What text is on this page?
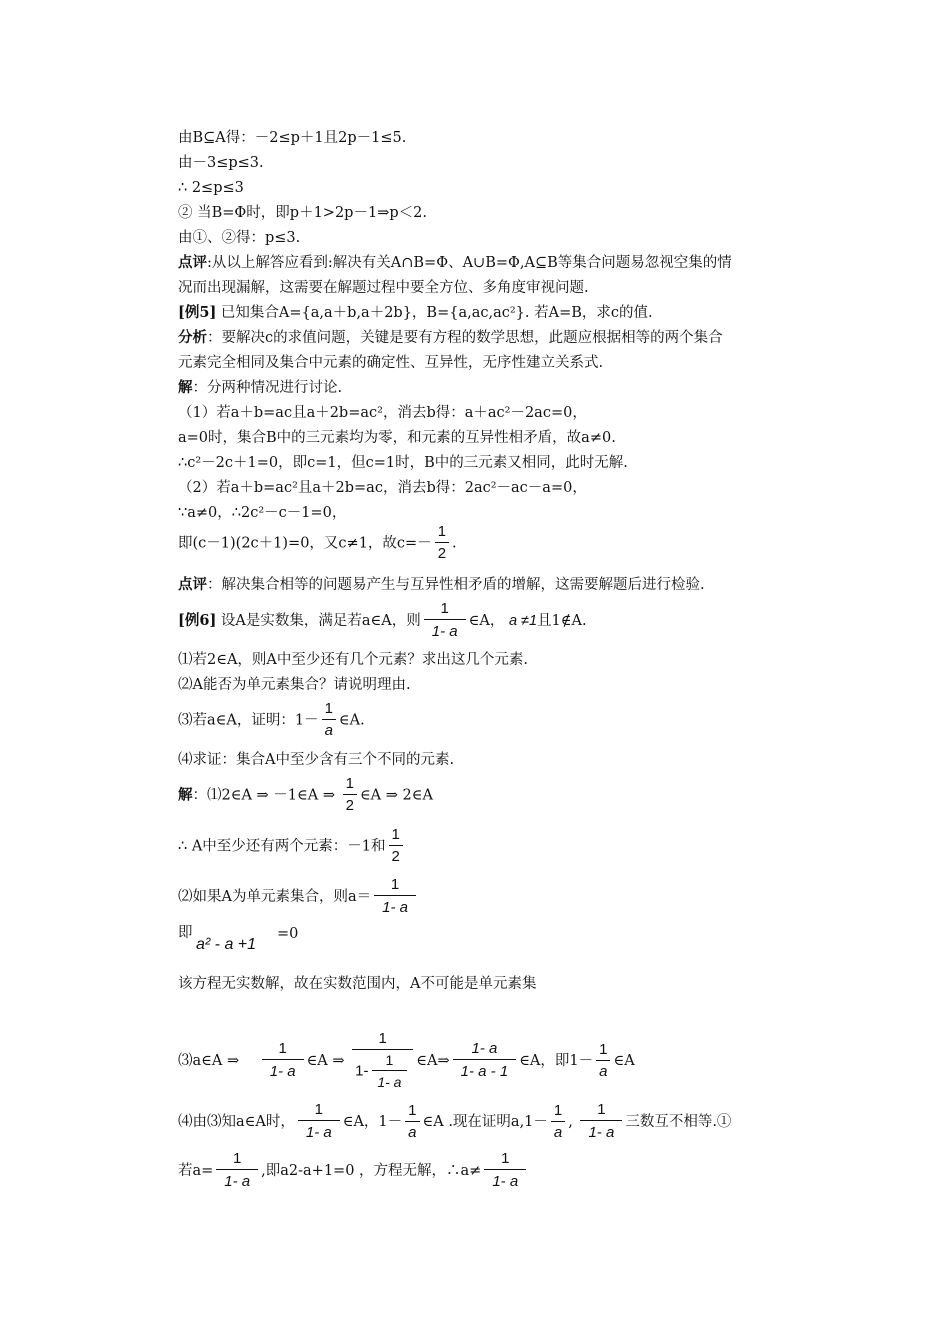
由B⊆A得：－2≤p＋1且2p－1≤5.
由－3≤p≤3.
∴ 2≤p≤3
② 当B=Φ时，即p＋1>2p－1⇒p＜2.
由①、②得：p≤3.
点评:从以上解答应看到:解决有关A∩B=Φ、A∪B=Φ,A⊆B等集合问题易忽视空集的情
况而出现漏解，这需要在解题过程中要全方位、多角度审视问题.
[例5] 已知集合A={a,a＋b,a＋2b}，B={a,ac,ac²}. 若A=B，求c的值.
分析：要解决c的求值问题，关键是要有方程的数学思想，此题应根据相等的两个集合
元素完全相同及集合中元素的确定性、互异性，无序性建立关系式.
解：分两种情况进行讨论.
（1）若a＋b=ac且a＋2b=ac²，消去b得：a＋ac²－2ac=0，
a=0时，集合B中的三元素均为零，和元素的互异性相矛盾，故a≠0.
∴c²－2c＋1=0，即c=1，但c=1时，B中的三元素又相同，此时无解.
（2）若a＋b=ac²且a＋2b=ac，消去b得：2ac²－ac－a=0，
∵a≠0，∴2c²－c－1=0，
即(c－1)(2c＋1)=0，又c≠1，故$c=- \frac{1}{2}$ .
点评：解决集合相等的问题易产生与互异性相矛盾的增解，这需要解题后进行检验.
[例6] 设A是实数集，满足若a∈A，则 $\frac{1}{1- a}$ ∈A， a ≠1且1∉A.
⑴若2∈A，则A中至少还有几个元素？求出这几个元素.
⑵A能否为单元素集合？请说明理由.
⑶若a∈A，证明：$1- \frac{1}{a}$ ∈A.
⑷求证：集合A中至少含有三个不同的元素.
解：⑴2∈A ⇒ －1∈A ⇒ $\frac{1}{2}$ ∈A ⇒ 2∈A
∴ A中至少还有两个元素：－1和 $\frac{1}{2}$
⑵如果A为单元素集合，则$a= \frac{1}{1- a}$
即
a² - a +1
=0
该方程无实数解，故在实数范围内，A不可能是单元素集
⑶a∈A ⇒ $\frac{1}{1- a}$ ∈A ⇒ $\frac{1}{1- \frac{1}{1- a}}$ ∈A⇒ $\frac{1- a}{1- a - 1}$ ∈A，即$1- \frac{1}{a}$ ∈A
⑷由⑶知a∈A时， $\frac{1}{1- a}$ ∈A，$1- \frac{1}{a}$ ∈A .现在证明$a,1- \frac{1}{a}$ , $\frac{1}{1- a}$ 三数互不相等.①
若$a= \frac{1}{1- a}$ ,即a2-a+1=0 ，方程无解，∴a≠ $\frac{1}{1- a}$
